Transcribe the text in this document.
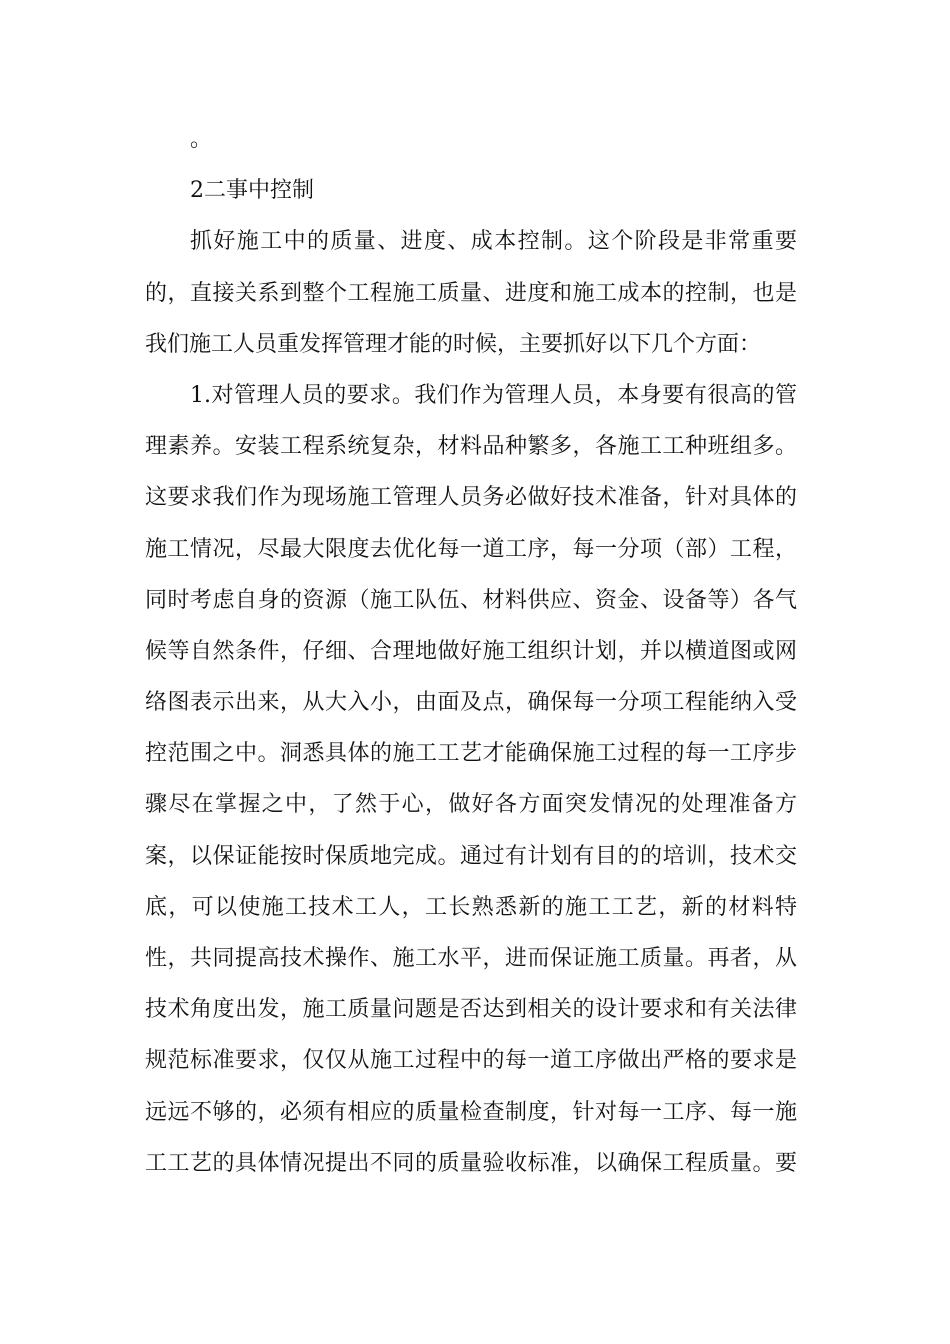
。
2二事中控制
抓好施工中的质量、进度、成本控制。这个阶段是非常重要
的，直接关系到整个工程施工质量、进度和施工成本的控制，也是
我们施工人员重发挥管理才能的时候，主要抓好以下几个方面：
1.对管理人员的要求。我们作为管理人员，本身要有很高的管
理素养。安装工程系统复杂，材料品种繁多，各施工工种班组多。
这要求我们作为现场施工管理人员务必做好技术准备，针对具体的
施工情况，尽最大限度去优化每一道工序，每一分项（部）工程，
同时考虑自身的资源（施工队伍、材料供应、资金、设备等）各气
候等自然条件，仔细、合理地做好施工组织计划，并以横道图或网
络图表示出来，从大入小，由面及点，确保每一分项工程能纳入受
控范围之中。洞悉具体的施工工艺才能确保施工过程的每一工序步
骤尽在掌握之中，了然于心，做好各方面突发情况的处理准备方
案，以保证能按时保质地完成。通过有计划有目的的培训，技术交
底，可以使施工技术工人，工长熟悉新的施工工艺，新的材料特
性，共同提高技术操作、施工水平，进而保证施工质量。再者，从
技术角度出发，施工质量问题是否达到相关的设计要求和有关法律
规范标准要求，仅仅从施工过程中的每一道工序做出严格的要求是
远远不够的，必须有相应的质量检查制度，针对每一工序、每一施
工工艺的具体情况提出不同的质量验收标准，以确保工程质量。要
